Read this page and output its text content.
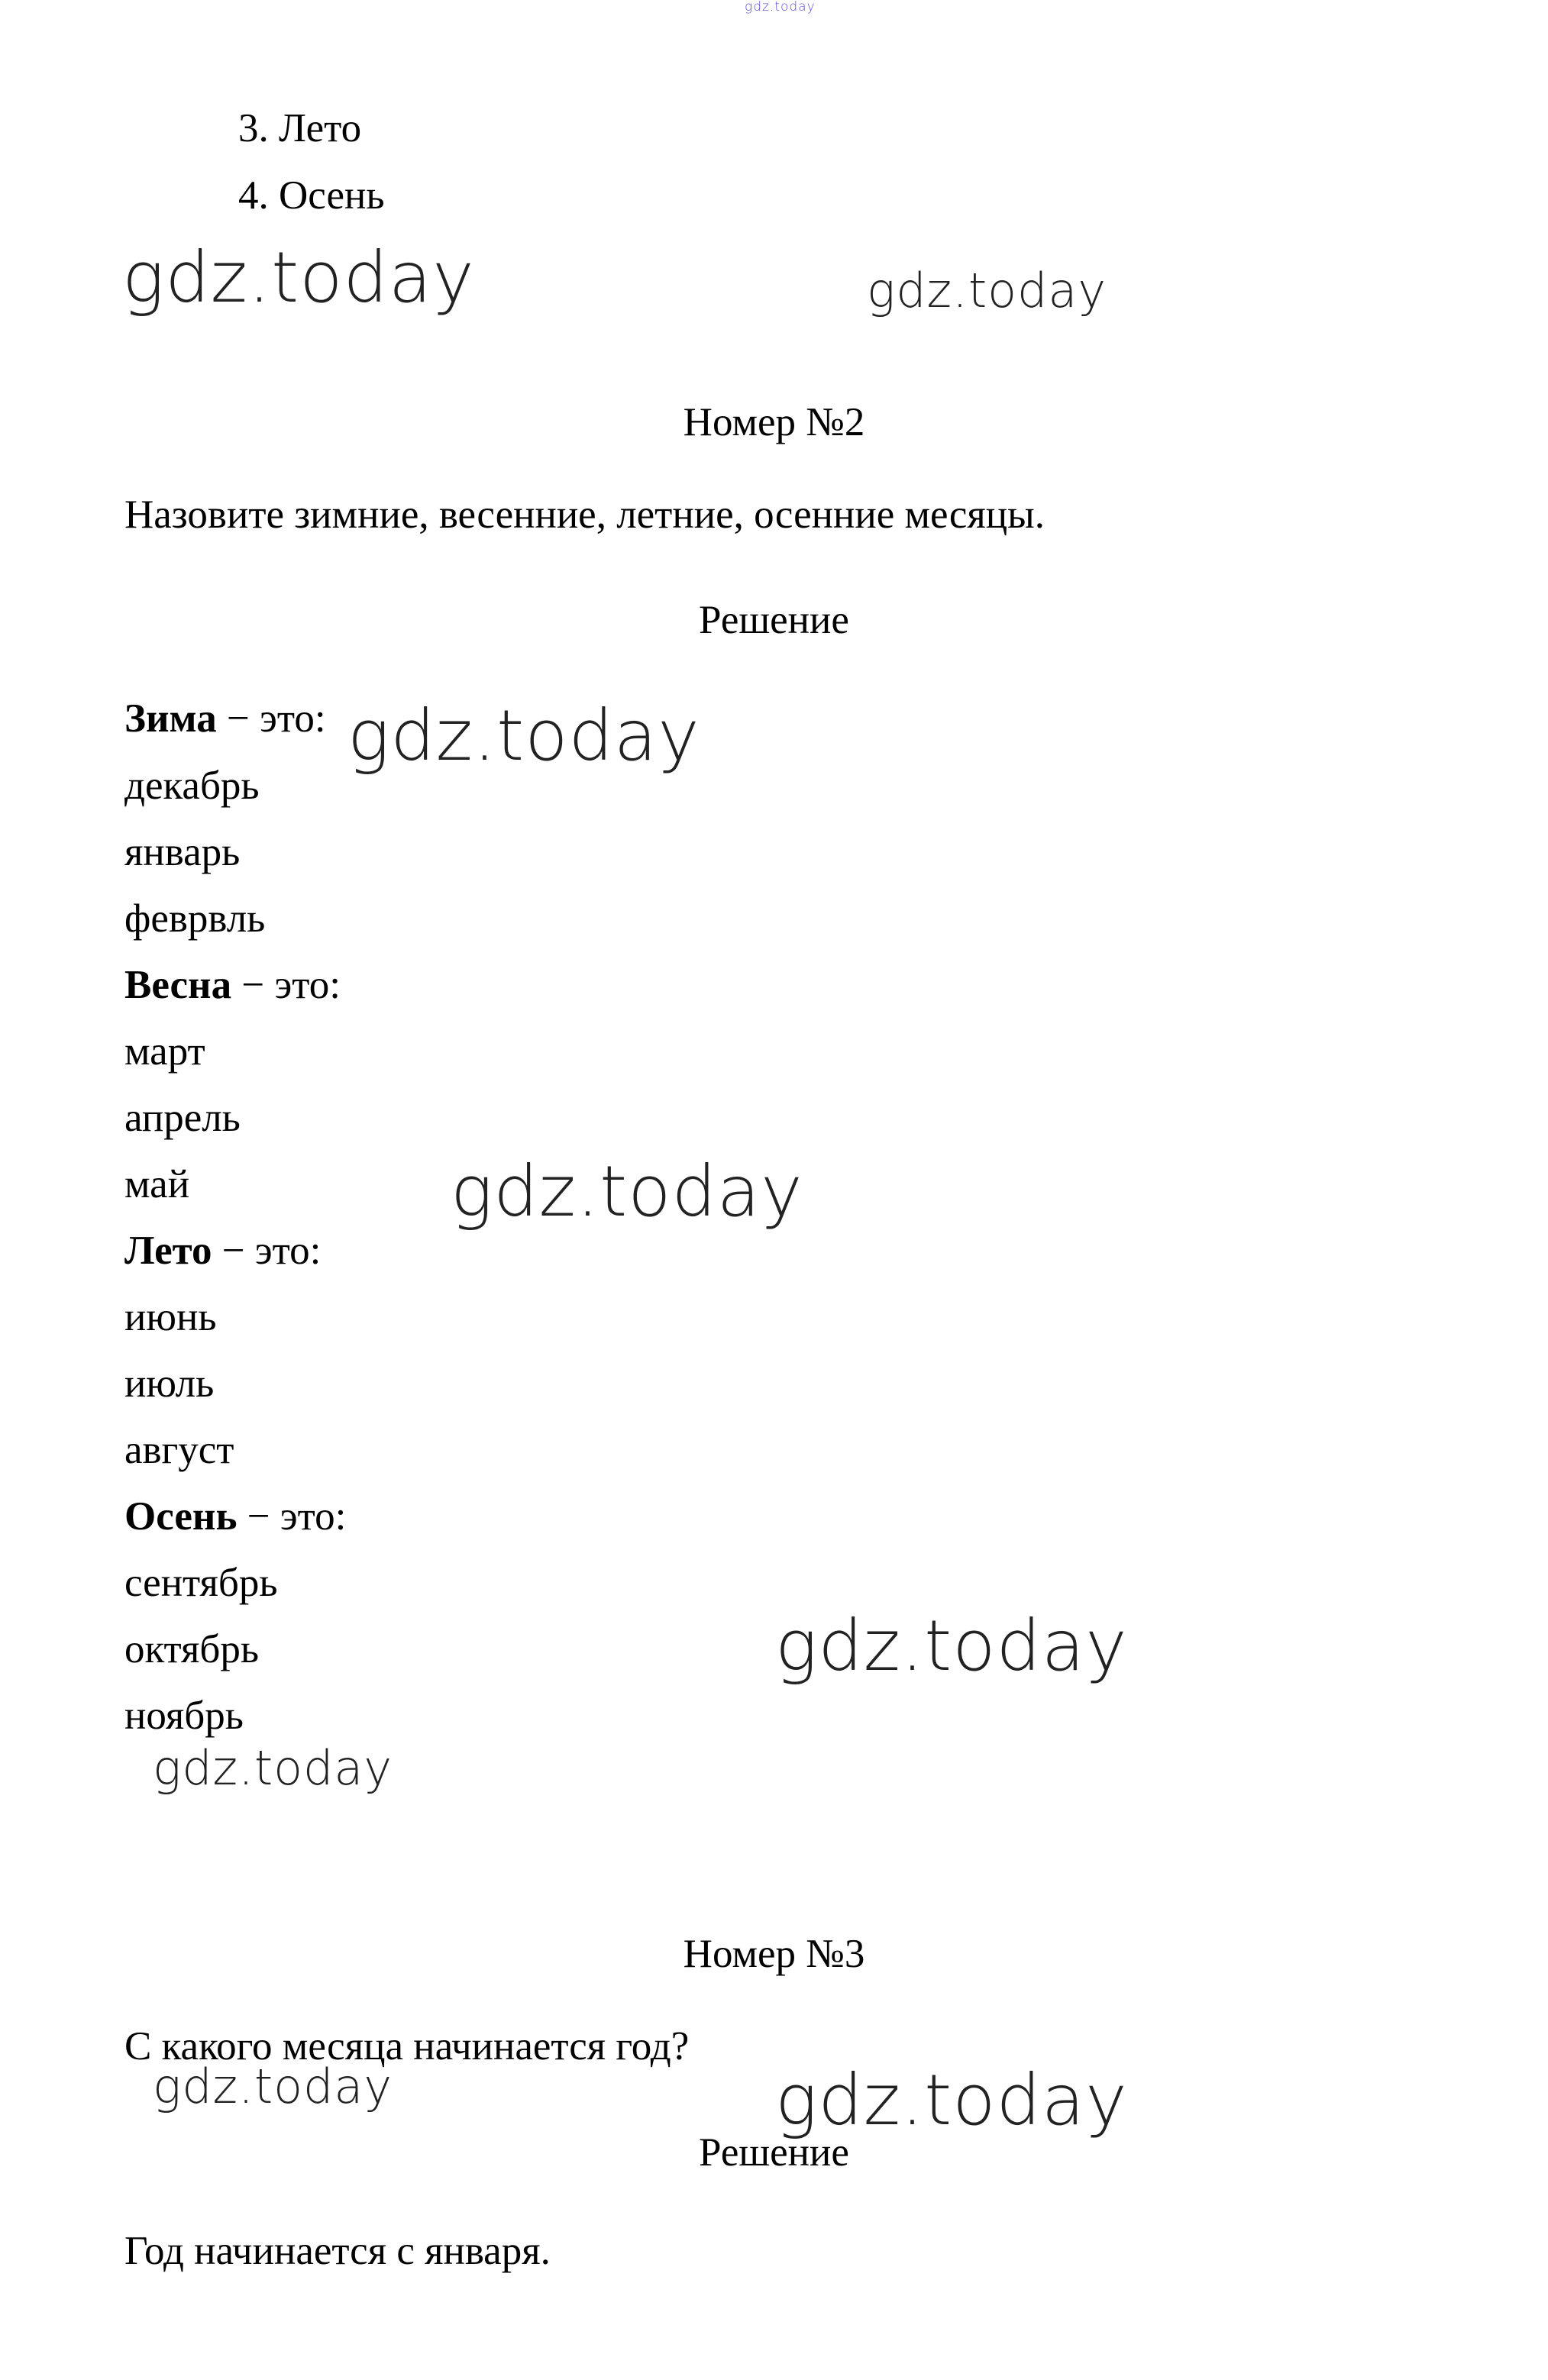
gdz.today
gdz.today	gdz.today
gdz.today
gdz.today
gdz.today
gdz.today
gdz.today	gdz.today
3. Лето
4. Осень
Номер №2
Назовите зимние, весенние, летние, осенние месяцы.
Решение
Зима − это:
декабрь
январь
феврвль
Весна − это:
март
апрель
май
Лето − это:
июнь
июль
август
Осень − это:
сентябрь
октябрь
ноябрь
Номер №3
С какого месяца начинается год?
Решение
Год начинается с января.
